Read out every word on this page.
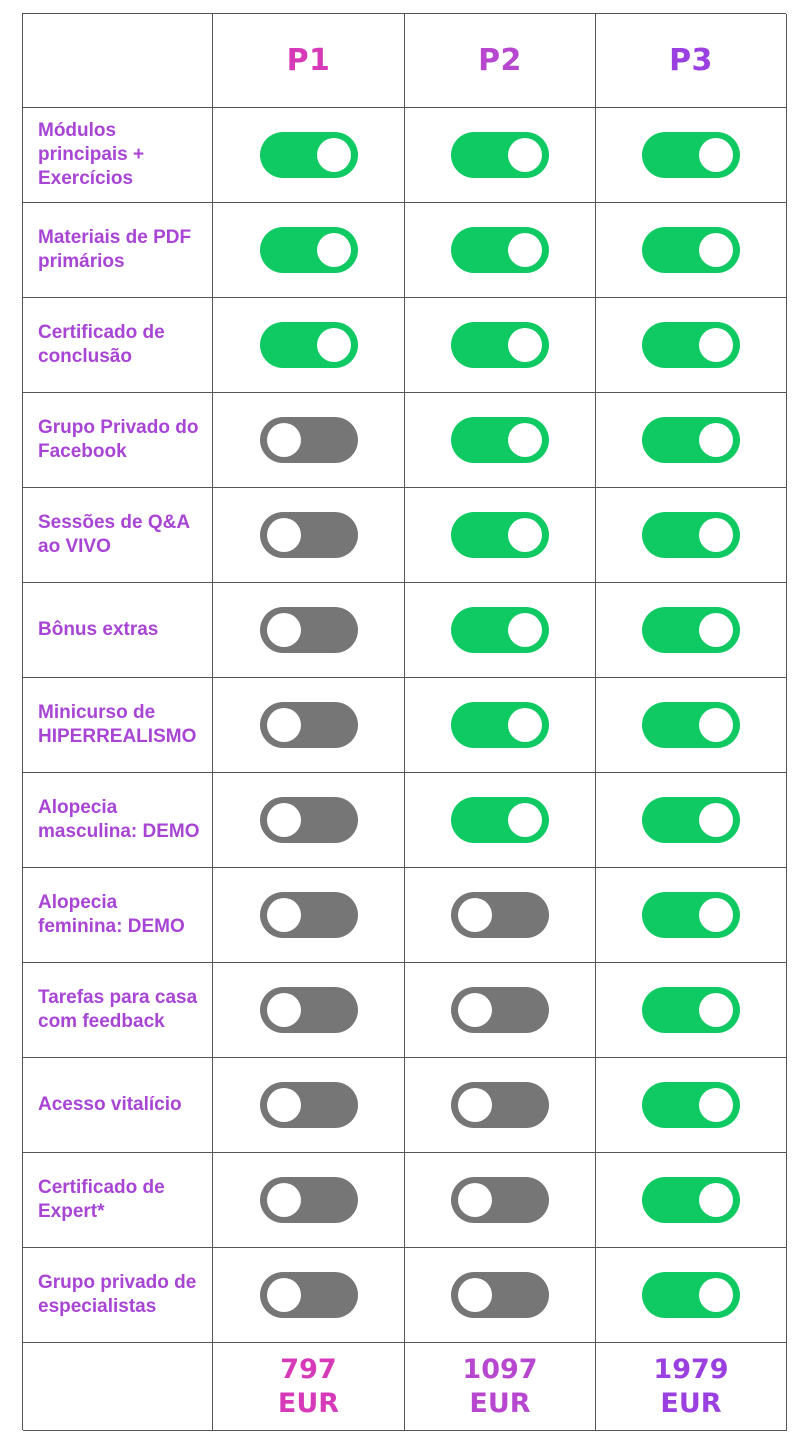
P1	P2	P3
Módulos principais + Exercícios
Materiais de PDF primários
Certificado de conclusão
Grupo Privado do Facebook
Sessões de Q&A ao VIVO
Bônus extras
Minicurso de HIPERREALISMO
Alopecia masculina: DEMO
Alopecia feminina: DEMO
Tarefas para casa com feedback
Acesso vitalício
Certificado de Expert*
Grupo privado de especialistas
797
EUR
1097
EUR
1979
EUR
